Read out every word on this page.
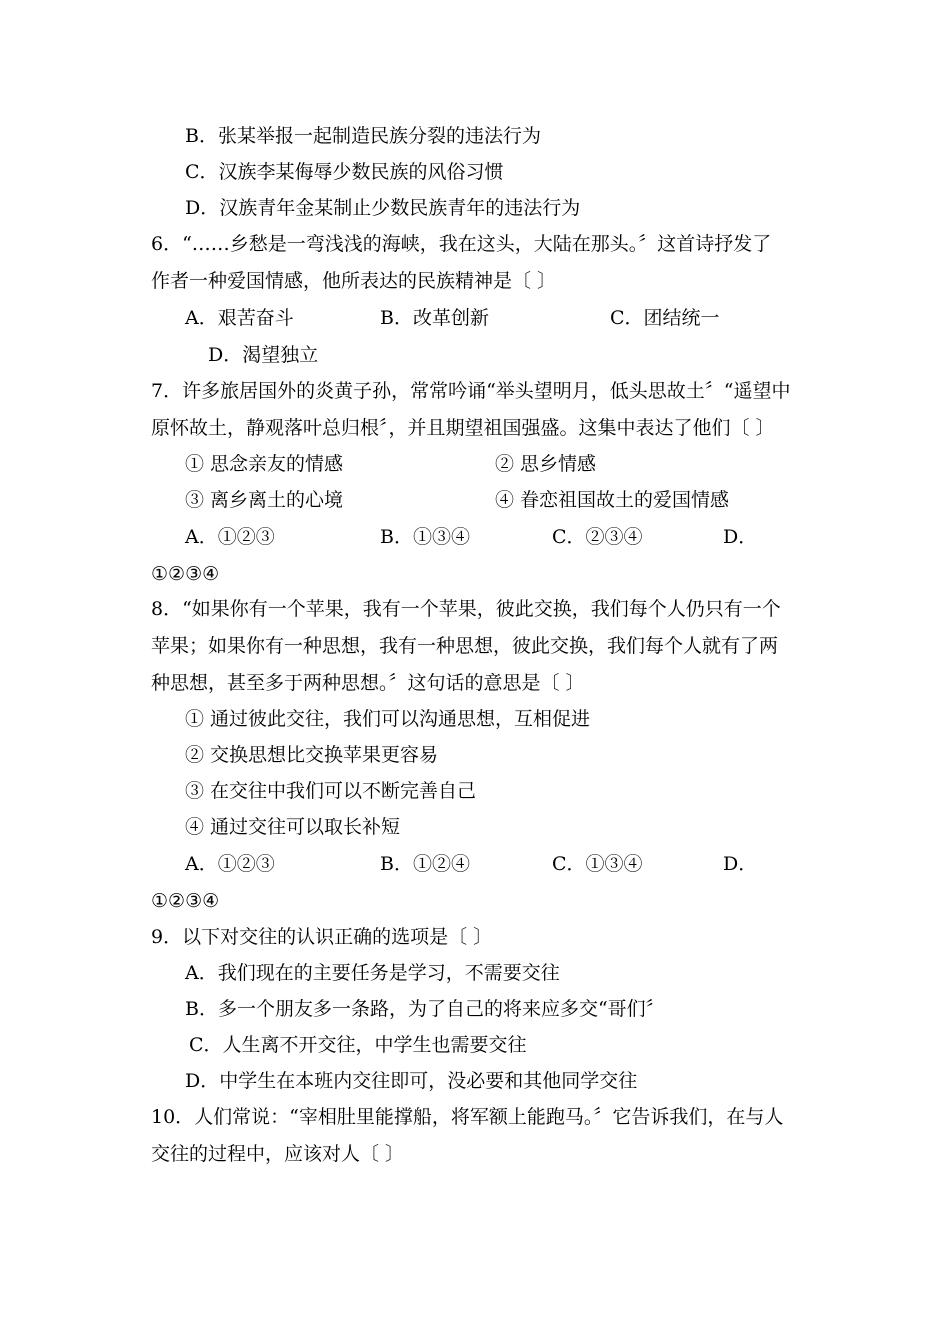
B．张某举报一起制造民族分裂的违法行为
C．汉族李某侮辱少数民族的风俗习惯
D．汉族青年金某制止少数民族青年的违法行为
6．“……乡愁是一弯浅浅的海峡，我在这头，大陆在那头。〞这首诗抒发了
作者一种爱国情感，他所表达的民族精神是〔 〕
A．艰苦奋斗	B．改革创新	C．团结统一
D．渴望独立
7．许多旅居国外的炎黄子孙，常常吟诵“举头望明月，低头思故土〞“遥望中
原怀故土，静观落叶总归根〞，并且期望祖国强盛。这集中表达了他们〔 〕
① 思念亲友的情感	② 思乡情感
③ 离乡离土的心境	④ 眷恋祖国故土的爱国情感
A．①②③	B．①③④	C．②③④	D．
①②③④
8．“如果你有一个苹果，我有一个苹果，彼此交换，我们每个人仍只有一个
苹果；如果你有一种思想，我有一种思想，彼此交换，我们每个人就有了两
种思想，甚至多于两种思想。〞这句话的意思是〔 〕
① 通过彼此交往，我们可以沟通思想，互相促进
② 交换思想比交换苹果更容易
③ 在交往中我们可以不断完善自己
④ 通过交往可以取长补短
A．①②③	B．①②④	C．①③④	D．
①②③④
9．以下对交往的认识正确的选项是〔 〕
A．我们现在的主要任务是学习，不需要交往
B．多一个朋友多一条路，为了自己的将来应多交“哥们〞
C．人生离不开交往，中学生也需要交往
D．中学生在本班内交往即可，没必要和其他同学交往
10．人们常说：“宰相肚里能撑船，将军额上能跑马。〞它告诉我们，在与人
交往的过程中，应该对人〔 〕
